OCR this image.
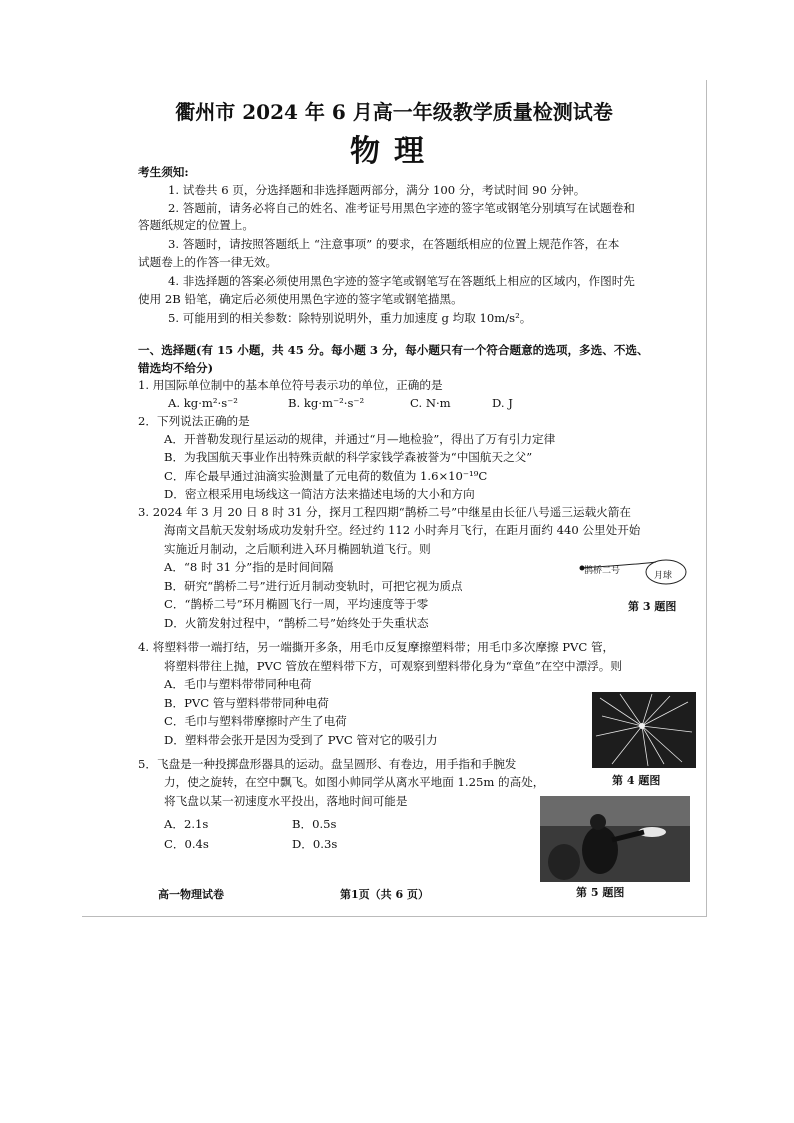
衢州市 2024 年 6 月高一年级教学质量检测试卷
物理
考生须知:
1. 试卷共 6 页，分选择题和非选择题两部分，满分 100 分，考试时间 90 分钟。
2. 答题前，请务必将自己的姓名、准考证号用黑色字迹的签字笔或钢笔分别填写在试题卷和
答题纸规定的位置上。
3. 答题时，请按照答题纸上 “注意事项” 的要求，在答题纸相应的位置上规范作答，在本
试题卷上的作答一律无效。
4. 非选择题的答案必须使用黑色字迹的签字笔或钢笔写在答题纸上相应的区域内，作图时先
使用 2B 铅笔，确定后必须使用黑色字迹的签字笔或钢笔描黑。
5. 可能用到的相关参数：除特别说明外，重力加速度 g 均取 10m/s²。
一、选择题(有 15 小题，共 45 分。每小题 3 分，每小题只有一个符合题意的选项，多选、不选、
错选均不给分)
1. 用国际单位制中的基本单位符号表示功的单位，正确的是
A. kg·m²·s⁻²	B. kg·m⁻²·s⁻²	C. N·m	D. J
2．下列说法正确的是
A．开普勒发现行星运动的规律，并通过“月—地检验”，得出了万有引力定律
B．为我国航天事业作出特殊贡献的科学家钱学森被誉为“中国航天之父”
C．库仑最早通过油滴实验测量了元电荷的数值为 1.6×10⁻¹⁹C
D．密立根采用电场线这一简洁方法来描述电场的大小和方向
3. 2024 年 3 月 20 日 8 时 31 分，探月工程四期“鹊桥二号”中继星由长征八号遥三运载火箭在
海南文昌航天发射场成功发射升空。经过约 112 小时奔月飞行，在距月面约 440 公里处开始
实施近月制动，之后顺利进入环月椭圆轨道飞行。则
A．“8 时 31 分”指的是时间间隔
B．研究“鹊桥二号”进行近月制动变轨时，可把它视为质点
C．“鹊桥二号”环月椭圆飞行一周，平均速度等于零
D．火箭发射过程中，“鹊桥二号”始终处于失重状态
鹊桥二号	月球
第 3 题图
4. 将塑料带一端打结，另一端撕开多条，用毛巾反复摩擦塑料带；用毛巾多次摩擦 PVC 管，
将塑料带往上抛，PVC 管放在塑料带下方，可观察到塑料带化身为“章鱼”在空中漂浮。则
A．毛巾与塑料带带同种电荷
B．PVC 管与塑料带带同种电荷
C．毛巾与塑料带摩擦时产生了电荷
D．塑料带会张开是因为受到了 PVC 管对它的吸引力
第 4 题图
5．飞盘是一种投掷盘形器具的运动。盘呈圆形、有卷边，用手指和手腕发
力，使之旋转，在空中飘飞。如图小帅同学从离水平地面 1.25m 的高处，
将飞盘以某一初速度水平投出，落地时间可能是
A．2.1s	B．0.5s
C．0.4s	D．0.3s
第 5 题图
高一物理试卷	第1页（共 6 页）
